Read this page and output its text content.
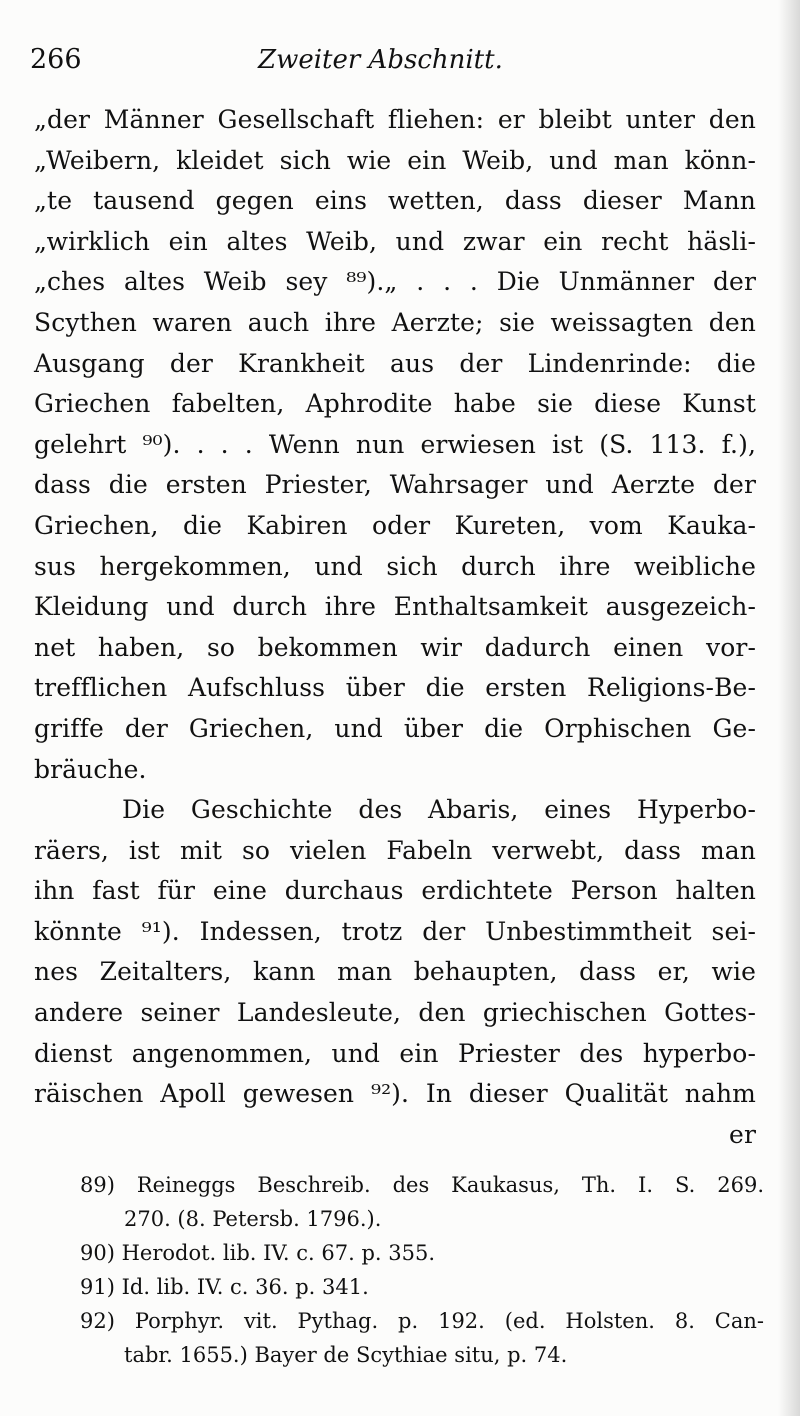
266	Zweiter Abschnitt.
„der Männer Gesellschaft fliehen: er bleibt unter den
„Weibern, kleidet sich wie ein Weib, und man könn-
„te tausend gegen eins wetten, dass dieser Mann
„wirklich ein altes Weib, und zwar ein recht häsli-
„ches altes Weib sey ⁸⁹).„ . . . Die Unmänner der
Scythen waren auch ihre Aerzte; sie weissagten den
Ausgang der Krankheit aus der Lindenrinde: die
Griechen fabelten, Aphrodite habe sie diese Kunst
gelehrt ⁹⁰). . . . Wenn nun erwiesen ist (S. 113. f.),
dass die ersten Priester, Wahrsager und Aerzte der
Griechen, die Kabiren oder Kureten, vom Kauka-
sus hergekommen, und sich durch ihre weibliche
Kleidung und durch ihre Enthaltsamkeit ausgezeich-
net haben, so bekommen wir dadurch einen vor-
trefflichen Aufschluss über die ersten Religions-Be-
griffe der Griechen, und über die Orphischen Ge-
bräuche.
Die Geschichte des Abaris, eines Hyperbo-
räers, ist mit so vielen Fabeln verwebt, dass man
ihn fast für eine durchaus erdichtete Person halten
könnte ⁹¹). Indessen, trotz der Unbestimmtheit sei-
nes Zeitalters, kann man behaupten, dass er, wie
andere seiner Landesleute, den griechischen Gottes-
dienst angenommen, und ein Priester des hyperbo-
räischen Apoll gewesen ⁹²). In dieser Qualität nahm
er
89) Reineggs Beschreib. des Kaukasus, Th. I. S. 269.
270. (8. Petersb. 1796.).
90) Herodot. lib. IV. c. 67. p. 355.
91) Id. lib. IV. c. 36. p. 341.
92) Porphyr. vit. Pythag. p. 192. (ed. Holsten. 8. Can-
tabr. 1655.) Bayer de Scythiae situ, p. 74.
